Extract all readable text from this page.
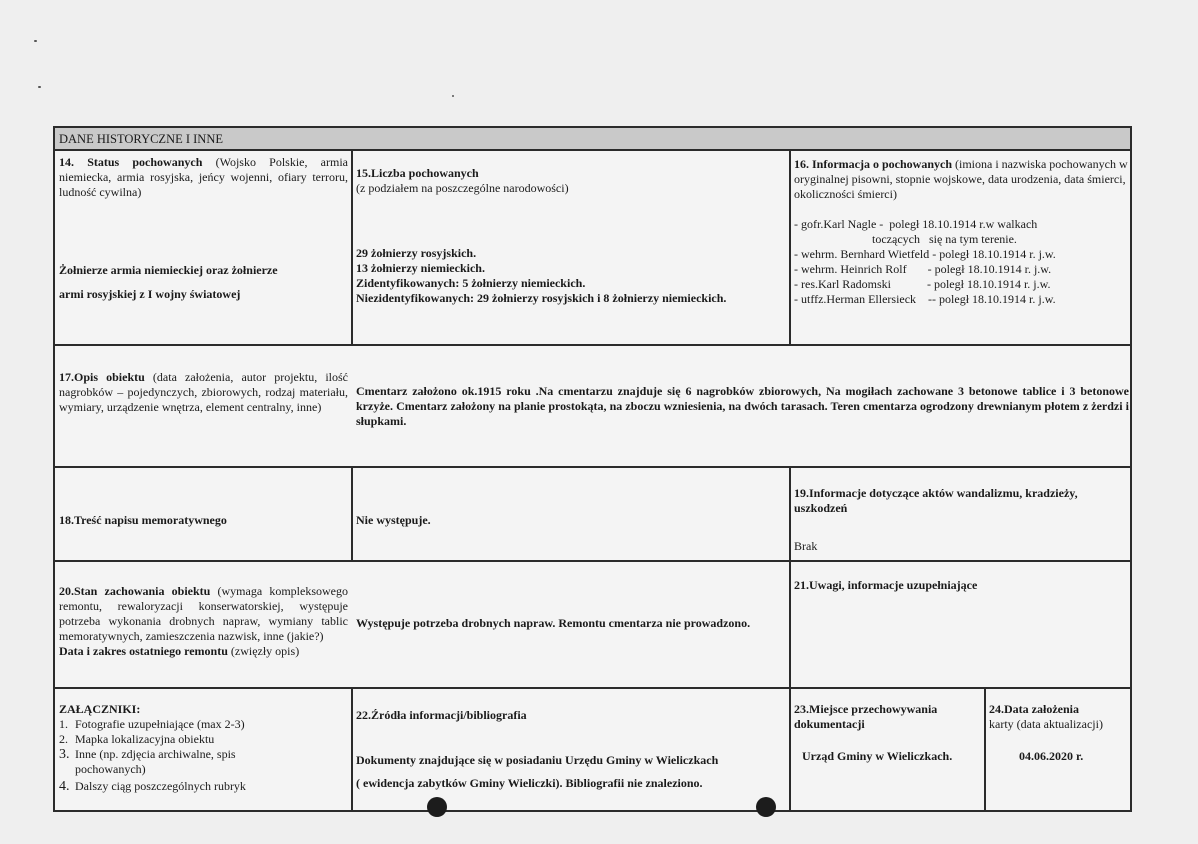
DANE HISTORYCZNE I INNE
14. Status pochowanych (Wojsko Polskie, armia niemiecka, armia rosyjska, jeńcy wojenni, ofiary terroru, ludność cywilna)
Żołnierze armia niemieckiej oraz żołnierze
armi rosyjskiej z I wojny światowej
15.Liczba pochowanych
(z podziałem na poszczególne narodowości)
29 żołnierzy rosyjskich.
13 żołnierzy niemieckich.
Zidentyfikowanych: 5 żołnierzy niemieckich.
Niezidentyfikowanych: 29 żołnierzy rosyjskich i 8 żołnierzy niemieckich.
16. Informacja o pochowanych (imiona i nazwiska pochowanych w oryginalnej pisowni, stopnie wojskowe, data urodzenia, data śmierci, okoliczności śmierci)
- gofr.Karl Nagle -  poległ 18.10.1914 r.w walkach
toczących   się na tym terenie.
- wehrm. Bernhard Wietfeld - poległ 18.10.1914 r. j.w.
- wehrm. Heinrich Rolf       - poległ 18.10.1914 r. j.w.
- res.Karl Radomski            - poległ 18.10.1914 r. j.w.
- utffz.Herman Ellersieck    -- poległ 18.10.1914 r. j.w.
17.Opis obiektu (data założenia, autor projektu, ilość nagrobków – pojedynczych, zbiorowych, rodzaj materiału, wymiary, urządzenie wnętrza, element centralny, inne)
Cmentarz założono ok.1915 roku .Na cmentarzu znajduje się 6 nagrobków zbiorowych, Na mogiłach zachowane 3 betonowe tablice i 3 betonowe krzyże. Cmentarz założony na planie prostokąta, na zboczu wzniesienia, na dwóch tarasach. Teren cmentarza ogrodzony drewnianym płotem z żerdzi i słupkami.
18.Treść napisu memoratywnego	Nie występuje.
19.Informacje dotyczące aktów wandalizmu, kradzieży, uszkodzeń
Brak
20.Stan zachowania obiektu (wymaga kompleksowego remontu, rewaloryzacji konserwatorskiej, występuje potrzeba wykonania drobnych napraw, wymiany tablic memoratywnych, zamieszczenia nazwisk, inne (jakie?)
Data i zakres ostatniego remontu (zwięzły opis)
Występuje potrzeba drobnych napraw. Remontu cmentarza nie prowadzono.
21.Uwagi, informacje uzupełniające
ZAŁĄCZNIKI:
1. Fotografie uzupełniające (max 2-3)
2. Mapka lokalizacyjna obiektu
3. Inne (np. zdjęcia archiwalne, spis pochowanych)
4. Dalszy ciąg poszczególnych rubryk
22.Źródła informacji/bibliografia
Dokumenty znajdujące się w posiadaniu Urzędu Gminy w Wieliczkach
( ewidencja zabytków Gminy Wieliczki). Bibliografii nie znaleziono.
23.Miejsce przechowywania dokumentacji
Urząd Gminy w Wieliczkach.
24.Data założenia
karty (data aktualizacji)
04.06.2020 r.
